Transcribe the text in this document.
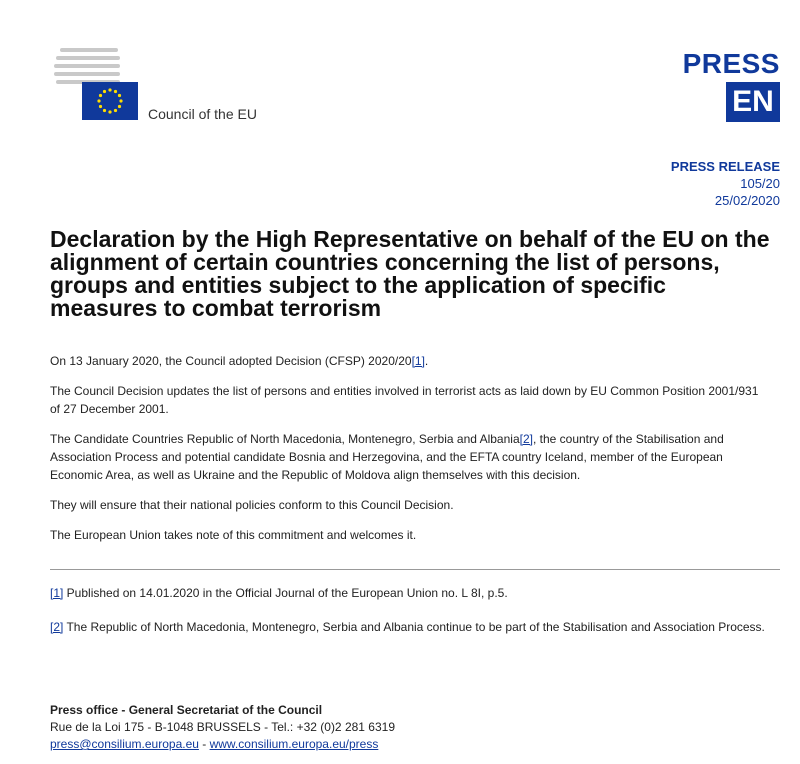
Council of the EU
PRESS
EN
PRESS RELEASE
105/20
25/02/2020
Declaration by the High Representative on behalf of the EU on the alignment of certain countries concerning the list of persons, groups and entities subject to the application of specific measures to combat terrorism

On 13 January 2020, the Council adopted Decision (CFSP) 2020/20[1].

The Council Decision updates the list of persons and entities involved in terrorist acts as laid down by EU Common Position 2001/931 of 27 December 2001.

The Candidate Countries Republic of North Macedonia, Montenegro, Serbia and Albania[2], the country of the Stabilisation and Association Process and potential candidate Bosnia and Herzegovina, and the EFTA country Iceland, member of the European Economic Area, as well as Ukraine and the Republic of Moldova align themselves with this decision.

They will ensure that their national policies conform to this Council Decision.

The European Union takes note of this commitment and welcomes it.

[1] Published on 14.01.2020 in the Official Journal of the European Union no. L 8I, p.5.

[2] The Republic of North Macedonia, Montenegro, Serbia and Albania continue to be part of the Stabilisation and Association Process.

Press office - General Secretariat of the Council
Rue de la Loi 175 - B-1048 BRUSSELS - Tel.: +32 (0)2 281 6319
press@consilium.europa.eu - www.consilium.europa.eu/press
